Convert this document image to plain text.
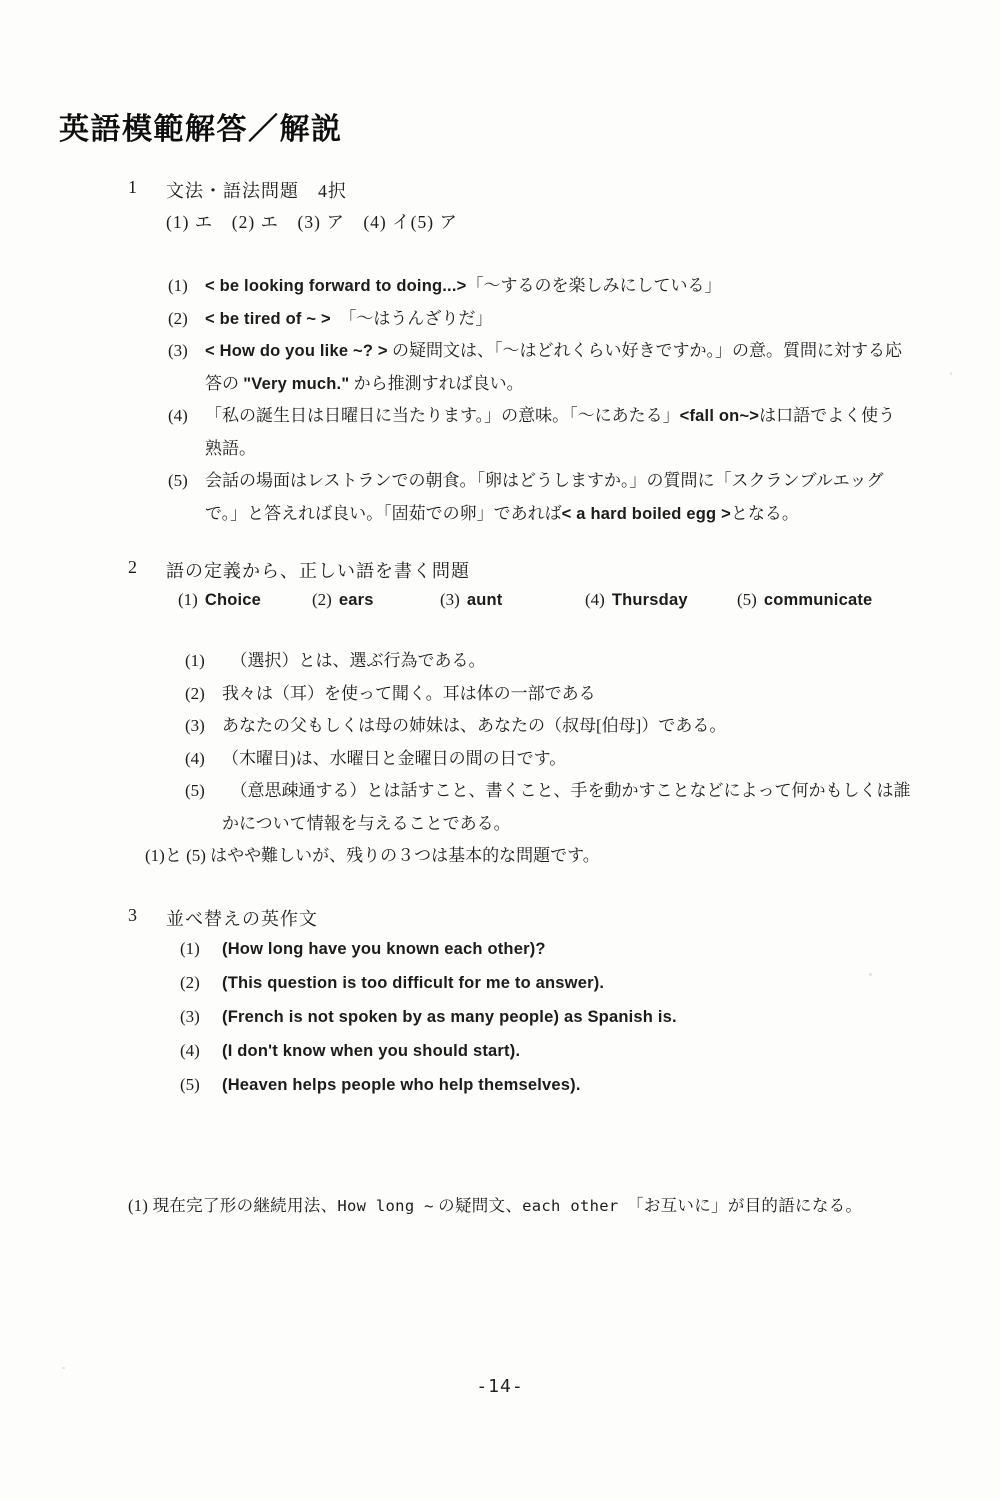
英語模範解答／解説
1 文法・語法問題　4択
(1) エ　(2) エ　(3) ア　(4) イ(5) ア
(1) < be looking forward to doing...>「～するのを楽しみにしている」
(2) < be tired of ~ >　「～はうんざりだ」
(3) < How do you like ~? > の疑問文は、「～はどれくらい好きですか。」の意。質問に対する応
答の "Very much." から推測すれば良い。
(4) 「私の誕生日は日曜日に当たります。」の意味。「～にあたる」<fall on~>は口語でよく使う
熟語。
(5) 会話の場面はレストランでの朝食。「卵はどうしますか。」の質問に「スクランブルエッグ
で。」と答えれば良い。「固茹での卵」であれば< a hard boiled egg >となる。
2 語の定義から、正しい語を書く問題
(1) Choice	(2) ears	(3) aunt	(4) Thursday	(5) communicate
(1) 　（選択）とは、選ぶ行為である。
(2) 我々は（耳）を使って聞く。耳は体の一部である
(3) あなたの父もしくは母の姉妹は、あなたの（叔母[伯母]）である。
(4) （木曜日)は、水曜日と金曜日の間の日です。
(5) 　（意思疎通する）とは話すこと、書くこと、手を動かすことなどによって何かもしくは誰
かについて情報を与えることである。
(1)と (5) はやや難しいが、残りの３つは基本的な問題です。
3 並べ替えの英作文
(1) (How long have you known each other)?
(2) (This question is too difficult for me to answer).
(3) (French is not spoken by as many people) as Spanish is.
(4) (I don't know when you should start).
(5) (Heaven helps people who help themselves).
(1) 現在完了形の継続用法、How long ~ の疑問文、each other　「お互いに」が目的語になる。
-14-
